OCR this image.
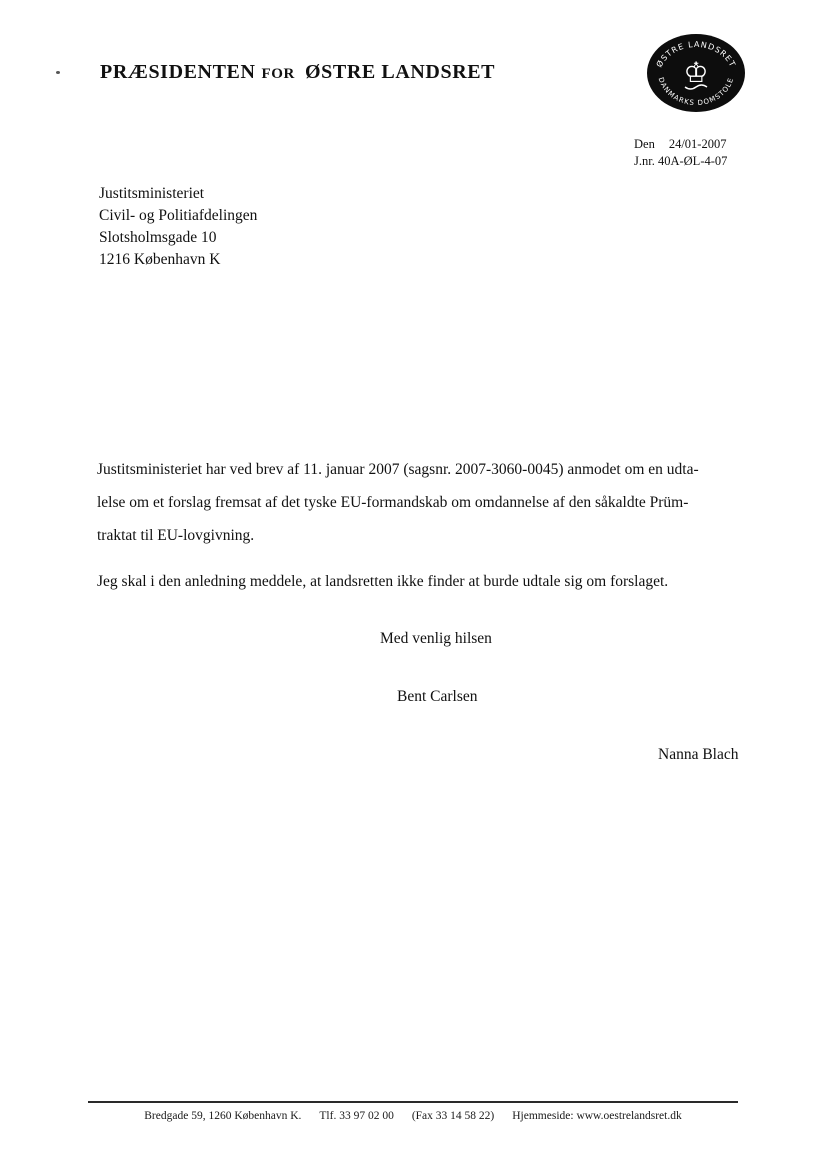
PRÆSIDENTEN FOR ØSTRE LANDSRET	ØSTRE LANDSRET
DANMARKS DOMSTOLE
♔
Den 24/01-2007
J.nr. 40A-ØL-4-07
Justitsministeriet
Civil- og Politiafdelingen
Slotsholmsgade 10
1216 København K
Justitsministeriet har ved brev af 11. januar 2007 (sagsnr. 2007-3060-0045) anmodet om en udta-
lelse om et forslag fremsat af det tyske EU-formandskab om omdannelse af den såkaldte Prüm-
traktat til EU-lovgivning.
Jeg skal i den anledning meddele, at landsretten ikke finder at burde udtale sig om forslaget.
Med venlig hilsen
Bent Carlsen
Nanna Blach
Bredgade 59, 1260 København K. Tlf. 33 97 02 00 (Fax 33 14 58 22) Hjemmeside: www.oestrelandsret.dk
